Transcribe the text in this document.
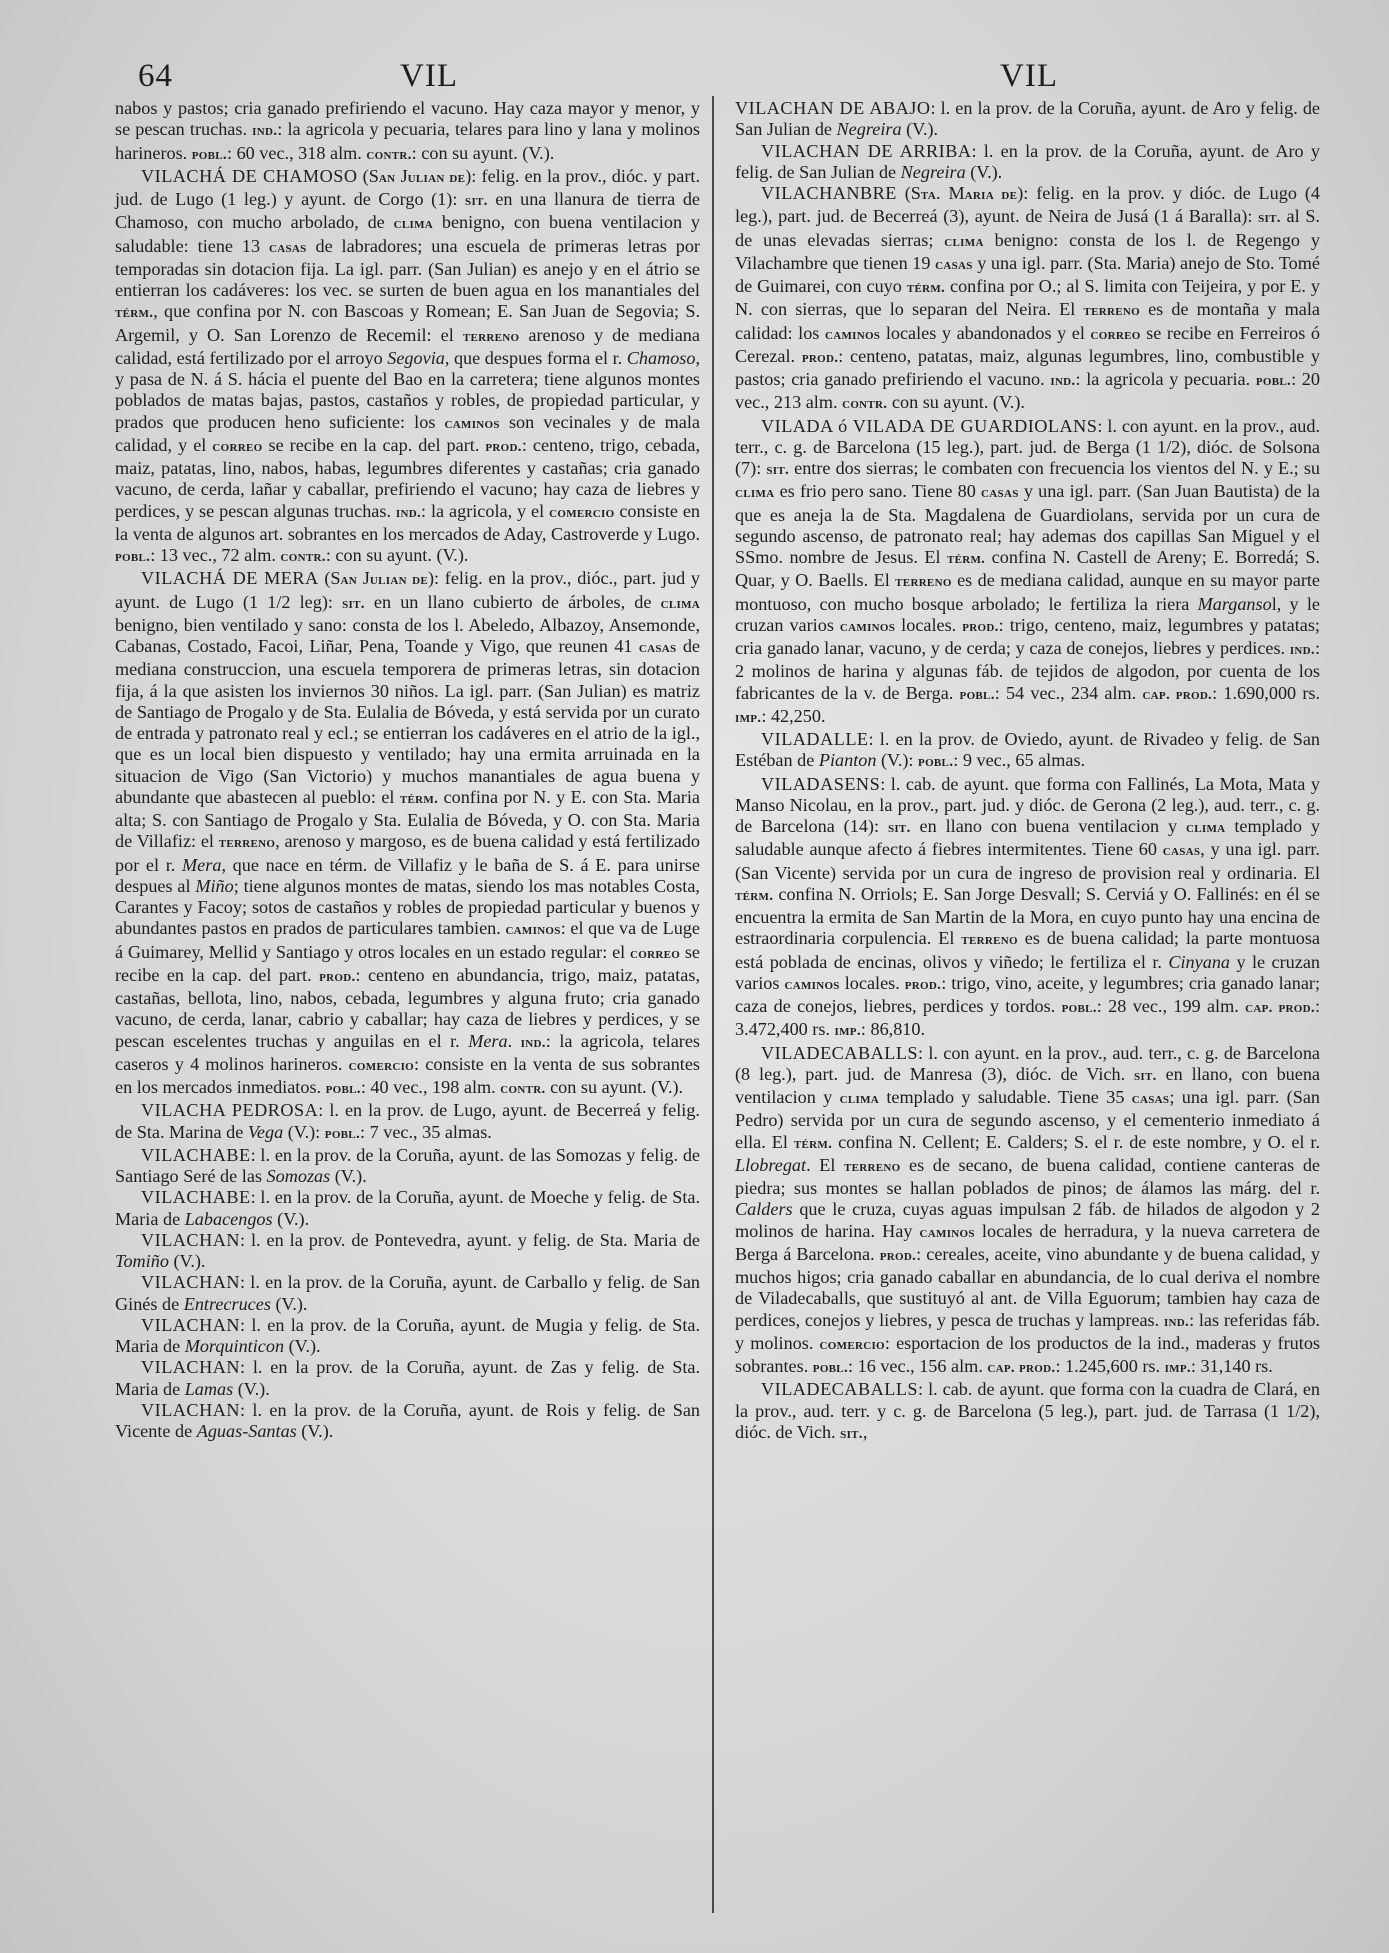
64	VIL	VIL

nabos y pastos; cria ganado prefiriendo el vacuno. Hay caza mayor y menor, y se pescan truchas. ind.: la agricola y pecuaria, telares para lino y lana y molinos harineros. pobl.: 60 vec., 318 alm. contr.: con su ayunt. (V.).

VILACHÁ DE CHAMOSO (San Julian de): felig. en la prov., dióc. y part. jud. de Lugo (1 leg.) y ayunt. de Corgo (1): sit. en una llanura de tierra de Chamoso, con mucho arbolado, de clima benigno, con buena ventilacion y saludable: tiene 13 casas de labradores; una escuela de primeras letras por temporadas sin dotacion fija. La igl. parr. (San Julian) es anejo y en el átrio se entierran los cadáveres: los vec. se surten de buen agua en los manantiales del térm., que confina por N. con Bascoas y Romean; E. San Juan de Segovia; S. Argemil, y O. San Lorenzo de Recemil: el terreno arenoso y de mediana calidad, está fertilizado por el arroyo Segovia, que despues forma el r. Chamoso, y pasa de N. á S. hácia el puente del Bao en la carretera; tiene algunos montes poblados de matas bajas, pastos, castaños y robles, de propiedad particular, y prados que producen heno suficiente: los caminos son vecinales y de mala calidad, y el correo se recibe en la cap. del part. prod.: centeno, trigo, cebada, maiz, patatas, lino, nabos, habas, legumbres diferentes y castañas; cria ganado vacuno, de cerda, lañar y caballar, prefiriendo el vacuno; hay caza de liebres y perdices, y se pescan algunas truchas. ind.: la agricola, y el comercio consiste en la venta de algunos art. sobrantes en los mercados de Aday, Castroverde y Lugo. pobl.: 13 vec., 72 alm. contr.: con su ayunt. (V.).

VILACHÁ DE MERA (San Julian de): felig. en la prov., dióc., part. jud y ayunt. de Lugo (1 1/2 leg): sit. en un llano cubierto de árboles, de clima benigno, bien ventilado y sano: consta de los l. Abeledo, Albazoy, Ansemonde, Cabanas, Costado, Facoi, Liñar, Pena, Toande y Vigo, que reunen 41 casas de mediana construccion, una escuela temporera de primeras letras, sin dotacion fija, á la que asisten los inviernos 30 niños. La igl. parr. (San Julian) es matriz de Santiago de Progalo y de Sta. Eulalia de Bóveda, y está servida por un curato de entrada y patronato real y ecl.; se entierran los cadáveres en el atrio de la igl., que es un local bien dispuesto y ventilado; hay una ermita arruinada en la situacion de Vigo (San Victorio) y muchos manantiales de agua buena y abundante que abastecen al pueblo: el térm. confina por N. y E. con Sta. Maria alta; S. con Santiago de Progalo y Sta. Eulalia de Bóveda, y O. con Sta. Maria de Villafiz: el terreno, arenoso y margoso, es de buena calidad y está fertilizado por el r. Mera, que nace en térm. de Villafiz y le baña de S. á E. para unirse despues al Miño; tiene algunos montes de matas, siendo los mas notables Costa, Carantes y Facoy; sotos de castaños y robles de propiedad particular y buenos y abundantes pastos en prados de particulares tambien. caminos: el que va de Luge á Guimarey, Mellid y Santiago y otros locales en un estado regular: el correo se recibe en la cap. del part. prod.: centeno en abundancia, trigo, maiz, patatas, castañas, bellota, lino, nabos, cebada, legumbres y alguna fruto; cria ganado vacuno, de cerda, lanar, cabrio y caballar; hay caza de liebres y perdices, y se pescan escelentes truchas y anguilas en el r. Mera. ind.: la agricola, telares caseros y 4 molinos harineros. comercio: consiste en la venta de sus sobrantes en los mercados inmediatos. pobl.: 40 vec., 198 alm. contr. con su ayunt. (V.).

VILACHA PEDROSA: l. en la prov. de Lugo, ayunt. de Becerreá y felig. de Sta. Marina de Vega (V.): pobl.: 7 vec., 35 almas.

VILACHABE: l. en la prov. de la Coruña, ayunt. de las Somozas y felig. de Santiago Seré de las Somozas (V.).

VILACHABE: l. en la prov. de la Coruña, ayunt. de Moeche y felig. de Sta. Maria de Labacengos (V.).

VILACHAN: l. en la prov. de Pontevedra, ayunt. y felig. de Sta. Maria de Tomiño (V.).

VILACHAN: l. en la prov. de la Coruña, ayunt. de Carballo y felig. de San Ginés de Entrecruces (V.).

VILACHAN: l. en la prov. de la Coruña, ayunt. de Mugia y felig. de Sta. Maria de Morquinticon (V.).

VILACHAN: l. en la prov. de la Coruña, ayunt. de Zas y felig. de Sta. Maria de Lamas (V.).

VILACHAN: l. en la prov. de la Coruña, ayunt. de Rois y felig. de San Vicente de Aguas-Santas (V.).

VILACHAN DE ABAJO: l. en la prov. de la Coruña, ayunt. de Aro y felig. de San Julian de Negreira (V.).

VILACHAN DE ARRIBA: l. en la prov. de la Coruña, ayunt. de Aro y felig. de San Julian de Negreira (V.).

VILACHANBRE (Sta. Maria de): felig. en la prov. y dióc. de Lugo (4 leg.), part. jud. de Becerreá (3), ayunt. de Neira de Jusá (1 á Baralla): sit. al S. de unas elevadas sierras; clima benigno: consta de los l. de Regengo y Vilachambre que tienen 19 casas y una igl. parr. (Sta. Maria) anejo de Sto. Tomé de Guimarei, con cuyo térm. confina por O.; al S. limita con Teijeira, y por E. y N. con sierras, que lo separan del Neira. El terreno es de montaña y mala calidad: los caminos locales y abandonados y el correo se recibe en Ferreiros ó Cerezal. prod.: centeno, patatas, maiz, algunas legumbres, lino, combustible y pastos; cria ganado prefiriendo el vacuno. ind.: la agricola y pecuaria. pobl.: 20 vec., 213 alm. contr. con su ayunt. (V.).

VILADA ó VILADA DE GUARDIOLANS: l. con ayunt. en la prov., aud. terr., c. g. de Barcelona (15 leg.), part. jud. de Berga (1 1/2), dióc. de Solsona (7): sit. entre dos sierras; le combaten con frecuencia los vientos del N. y E.; su clima es frio pero sano. Tiene 80 casas y una igl. parr. (San Juan Bautista) de la que es aneja la de Sta. Magdalena de Guardiolans, servida por un cura de segundo ascenso, de patronato real; hay ademas dos capillas San Miguel y el SSmo. nombre de Jesus. El térm. confina N. Castell de Areny; E. Borredá; S. Quar, y O. Baells. El terreno es de mediana calidad, aunque en su mayor parte montuoso, con mucho bosque arbolado; le fertiliza la riera Margansol, y le cruzan varios caminos locales. prod.: trigo, centeno, maiz, legumbres y patatas; cria ganado lanar, vacuno, y de cerda; y caza de conejos, liebres y perdices. ind.: 2 molinos de harina y algunas fáb. de tejidos de algodon, por cuenta de los fabricantes de la v. de Berga. pobl.: 54 vec., 234 alm. cap. prod.: 1.690,000 rs. imp.: 42,250.

VILADALLE: l. en la prov. de Oviedo, ayunt. de Rivadeo y felig. de San Estéban de Pianton (V.): pobl.: 9 vec., 65 almas.

VILADASENS: l. cab. de ayunt. que forma con Fallinés, La Mota, Mata y Manso Nicolau, en la prov., part. jud. y dióc. de Gerona (2 leg.), aud. terr., c. g. de Barcelona (14): sit. en llano con buena ventilacion y clima templado y saludable aunque afecto á fiebres intermitentes. Tiene 60 casas, y una igl. parr. (San Vicente) servida por un cura de ingreso de provision real y ordinaria. El térm. confina N. Orriols; E. San Jorge Desvall; S. Cerviá y O. Fallinés: en él se encuentra la ermita de San Martin de la Mora, en cuyo punto hay una encina de estraordinaria corpulencia. El terreno es de buena calidad; la parte montuosa está poblada de encinas, olivos y viñedo; le fertiliza el r. Cinyana y le cruzan varios caminos locales. prod.: trigo, vino, aceite, y legumbres; cria ganado lanar; caza de conejos, liebres, perdices y tordos. pobl.: 28 vec., 199 alm. cap. prod.: 3.472,400 rs. imp.: 86,810.

VILADECABALLS: l. con ayunt. en la prov., aud. terr., c. g. de Barcelona (8 leg.), part. jud. de Manresa (3), dióc. de Vich. sit. en llano, con buena ventilacion y clima templado y saludable. Tiene 35 casas; una igl. parr. (San Pedro) servida por un cura de segundo ascenso, y el cementerio inmediato á ella. El térm. confina N. Cellent; E. Calders; S. el r. de este nombre, y O. el r. Llobregat. El terreno es de secano, de buena calidad, contiene canteras de piedra; sus montes se hallan poblados de pinos; de álamos las márg. del r. Calders que le cruza, cuyas aguas impulsan 2 fáb. de hilados de algodon y 2 molinos de harina. Hay caminos locales de herradura, y la nueva carretera de Berga á Barcelona. prod.: cereales, aceite, vino abundante y de buena calidad, y muchos higos; cria ganado caballar en abundancia, de lo cual deriva el nombre de Viladecaballs, que sustituyó al ant. de Villa Eguorum; tambien hay caza de perdices, conejos y liebres, y pesca de truchas y lampreas. ind.: las referidas fáb. y molinos. comercio: esportacion de los productos de la ind., maderas y frutos sobrantes. pobl.: 16 vec., 156 alm. cap. prod.: 1.245,600 rs. imp.: 31,140 rs.

VILADECABALLS: l. cab. de ayunt. que forma con la cuadra de Clará, en la prov., aud. terr. y c. g. de Barcelona (5 leg.), part. jud. de Tarrasa (1 1/2), dióc. de Vich. sit.,
